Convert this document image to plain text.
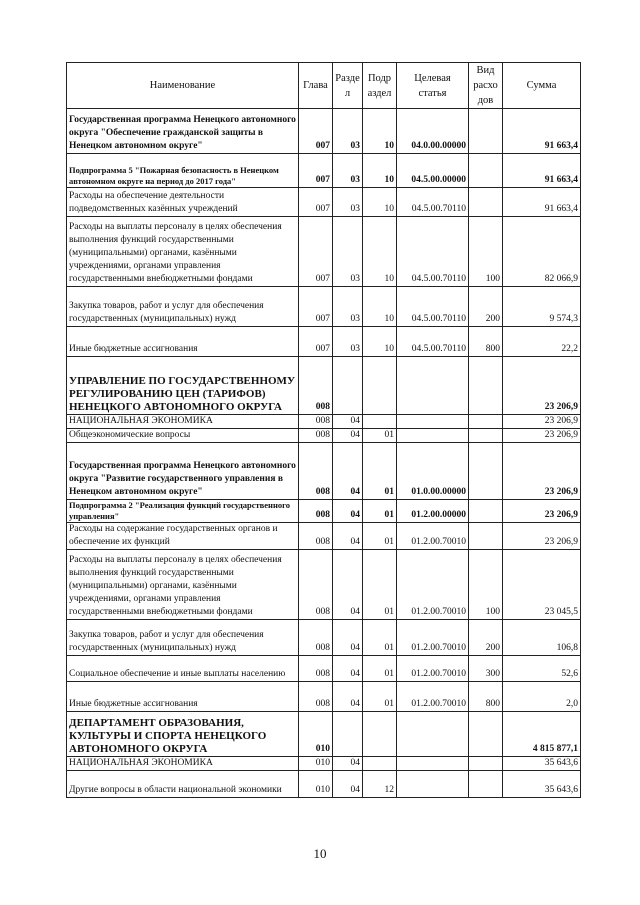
Наименование	Глава	Разде л	Подр аздел	Целевая статья	Вид расхо дов	Сумма
Государственная программа Ненецкого автономного округа "Обеспечение гражданской защиты в Ненецком автономном округе"	007	03	10	04.0.00.00000		91 663,4
Подпрограмма 5 "Пожарная безопасность в Ненецком автономном округе на период до 2017 года"	007	03	10	04.5.00.00000		91 663,4
Расходы на обеспечение деятельности подведомственных казённых учреждений	007	03	10	04.5.00.70110		91 663,4
Расходы на выплаты персоналу в целях обеспечения выполнения функций государственными (муниципальными) органами, казёнными учреждениями, органами управления государственными внебюджетными фондами	007	03	10	04.5.00.70110	100	82 066,9
Закупка товаров, работ и услуг для обеспечения государственных (муниципальных) нужд	007	03	10	04.5.00.70110	200	9 574,3
Иные бюджетные ассигнования	007	03	10	04.5.00.70110	800	22,2
УПРАВЛЕНИЕ ПО ГОСУДАРСТВЕННОМУ РЕГУЛИРОВАНИЮ ЦЕН (ТАРИФОВ) НЕНЕЦКОГО АВТОНОМНОГО ОКРУГА	008					23 206,9
НАЦИОНАЛЬНАЯ ЭКОНОМИКА	008	04				23 206,9
Общеэкономические вопросы	008	04	01			23 206,9
Государственная программа Ненецкого автономного округа "Развитие государственного управления в Ненецком автономном округе"	008	04	01	01.0.00.00000		23 206,9
Подпрограмма 2 "Реализация функций государственного управления"	008	04	01	01.2.00.00000		23 206,9
Расходы на содержание государственных органов и обеспечение их функций	008	04	01	01.2.00.70010		23 206,9
Расходы на выплаты персоналу в целях обеспечения выполнения функций государственными (муниципальными) органами, казёнными учреждениями, органами управления государственными внебюджетными фондами	008	04	01	01.2.00.70010	100	23 045,5
Закупка товаров, работ и услуг для обеспечения государственных (муниципальных) нужд	008	04	01	01.2.00.70010	200	106,8
Социальное обеспечение и иные выплаты населению	008	04	01	01.2.00.70010	300	52,6
Иные бюджетные ассигнования	008	04	01	01.2.00.70010	800	2,0
ДЕПАРТАМЕНТ ОБРАЗОВАНИЯ, КУЛЬТУРЫ И СПОРТА НЕНЕЦКОГО АВТОНОМНОГО ОКРУГА	010					4 815 877,1
НАЦИОНАЛЬНАЯ ЭКОНОМИКА	010	04				35 643,6
Другие вопросы в области национальной экономики	010	04	12			35 643,6
10
